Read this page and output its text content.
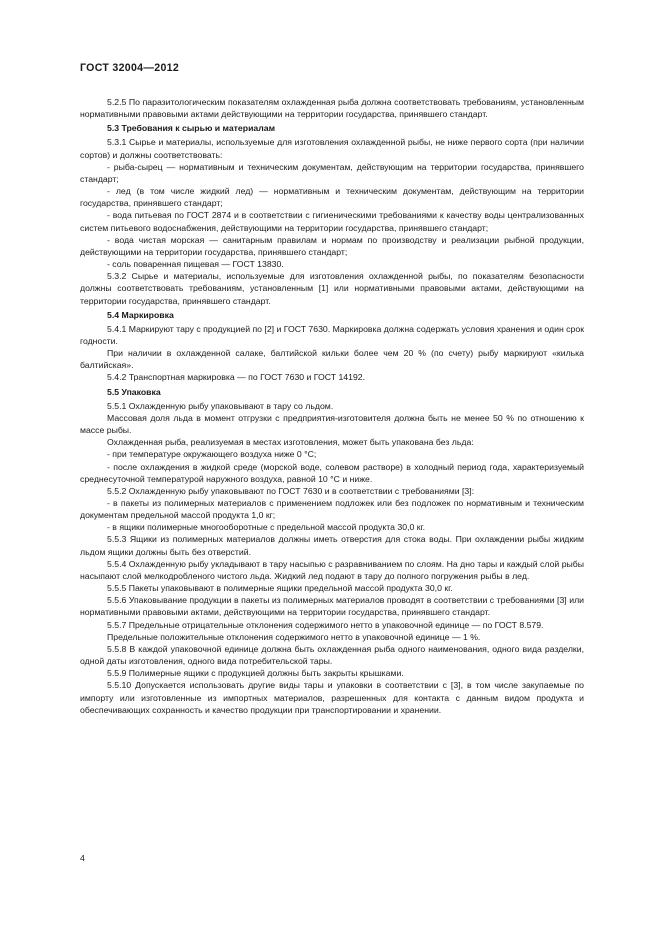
ГОСТ 32004—2012

5.2.5 По паразитологическим показателям охлажденная рыба должна соответствовать требованиям, установленным нормативными правовыми актами действующими на территории государства, принявшего стандарт.

5.3 Требования к сырью и материалам

5.3.1 Сырье и материалы, используемые для изготовления охлажденной рыбы, не ниже первого сорта (при наличии сортов) и должны соответствовать:

- рыба-сырец — нормативным и техническим документам, действующим на территории государства, принявшего стандарт;

- лед (в том числе жидкий лед) — нормативным и техническим документам, действующим на территории государства, принявшего стандарт;

- вода питьевая по ГОСТ 2874 и в соответствии с гигиеническими требованиями к качеству воды централизованных систем питьевого водоснабжения, действующими на территории государства, принявшего стандарт;

- вода чистая морская — санитарным правилам и нормам по производству и реализации рыбной продукции, действующими на территории государства, принявшего стандарт;

- соль поваренная пищевая — ГОСТ 13830.

5.3.2 Сырье и материалы, используемые для изготовления охлажденной рыбы, по показателям безопасности должны соответствовать требованиям, установленным [1] или нормативными правовыми актами, действующими на территории государства, принявшего стандарт.

5.4 Маркировка

5.4.1 Маркируют тару с продукцией по [2] и ГОСТ 7630. Маркировка должна содержать условия хранения и один срок годности.

При наличии в охлажденной салаке, балтийской кильки более чем 20 % (по счету) рыбу маркируют «килька балтийская».

5.4.2 Транспортная маркировка — по ГОСТ 7630 и ГОСТ 14192.

5.5 Упаковка

5.5.1 Охлажденную рыбу упаковывают в тару со льдом.

Массовая доля льда в момент отгрузки с предприятия-изготовителя должна быть не менее 50 % по отношению к массе рыбы.

Охлажденная рыба, реализуемая в местах изготовления, может быть упакована без льда:

- при температуре окружающего воздуха ниже 0 °С;

- после охлаждения в жидкой среде (морской воде, солевом растворе) в холодный период года, характеризуемый среднесуточной температурой наружного воздуха, равной 10 °С и ниже.

5.5.2 Охлажденную рыбу упаковывают по ГОСТ 7630 и в соответствии с требованиями [3]:

- в пакеты из полимерных материалов с применением подложек или без подложек по нормативным и техническим документам предельной массой продукта 1,0 кг;

- в ящики полимерные многооборотные с предельной массой продукта 30,0 кг.

5.5.3 Ящики из полимерных материалов должны иметь отверстия для стока воды. При охлаждении рыбы жидким льдом ящики должны быть без отверстий.

5.5.4 Охлажденную рыбу укладывают в тару насыпью с разравниванием по слоям. На дно тары и каждый слой рыбы насыпают слой мелкодробленого чистого льда. Жидкий лед подают в тару до полного погружения рыбы в лед.

5.5.5 Пакеты упаковывают в полимерные ящики предельной массой продукта 30,0 кг.

5.5.6 Упаковывание продукции в пакеты из полимерных материалов проводят в соответствии с требованиями [3] или нормативными правовыми актами, действующими на территории государства, принявшего стандарт.

5.5.7 Предельные отрицательные отклонения содержимого нетто в упаковочной единице — по ГОСТ 8.579.

Предельные положительные отклонения содержимого нетто в упаковочной единице — 1 %.

5.5.8 В каждой упаковочной единице должна быть охлажденная рыба одного наименования, одного вида разделки, одной даты изготовления, одного вида потребительской тары.

5.5.9 Полимерные ящики с продукцией должны быть закрыты крышками.

5.5.10 Допускается использовать другие виды тары и упаковки в соответствии с [3], в том числе закупаемые по импорту или изготовленные из импортных материалов, разрешенных для контакта с данным видом продукта и обеспечивающих сохранность и качество продукции при транспортировании и хранении.

4
